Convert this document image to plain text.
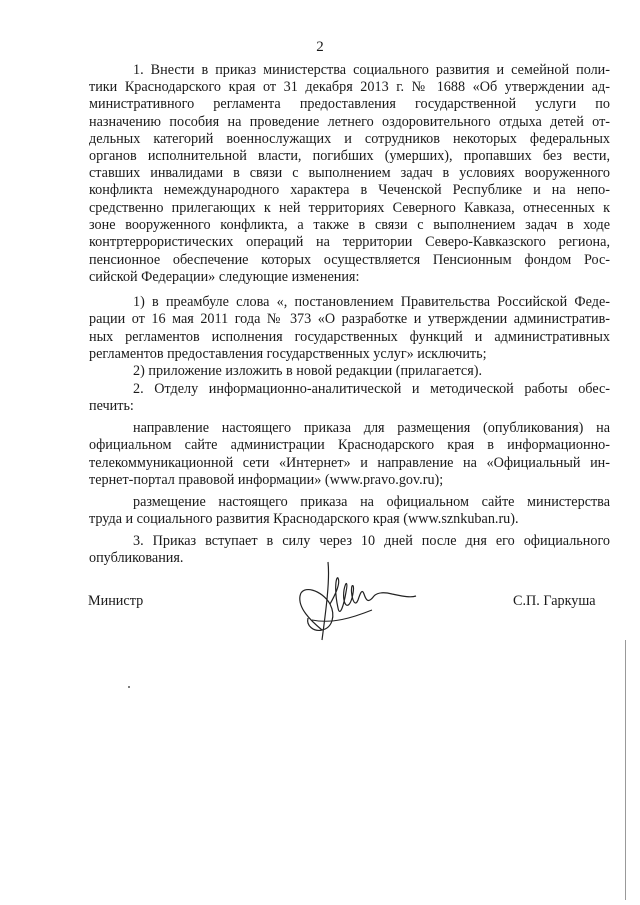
2
1. Внести в приказ министерства социального развития и семейной поли-
тики Краснодарского края от 31 декабря 2013 г. № 1688 «Об утверждении ад-
министративного регламента предоставления государственной услуги по
назначению пособия на проведение летнего оздоровительного отдыха детей от-
дельных категорий военнослужащих и сотрудников некоторых федеральных
органов исполнительной власти, погибших (умерших), пропавших без вести,
ставших инвалидами в связи с выполнением задач в условиях вооруженного
конфликта немеждународного характера в Чеченской Республике и на непо-
средственно прилегающих к ней территориях Северного Кавказа, отнесенных к
зоне вооруженного конфликта, а также в связи с выполнением задач в ходе
контртеррористических операций на территории Северо-Кавказского региона,
пенсионное обеспечение которых осуществляется Пенсионным фондом Рос-
сийской Федерации» следующие изменения:
1) в преамбуле слова «, постановлением Правительства Российской Феде-
рации от 16 мая 2011 года № 373 «О разработке и утверждении административ-
ных регламентов исполнения государственных функций и административных
регламентов предоставления государственных услуг» исключить;
2) приложение изложить в новой редакции (прилагается).
2. Отделу информационно-аналитической и методической работы обес-
печить:
направление настоящего приказа для размещения (опубликования) на
официальном сайте администрации Краснодарского края в информационно-
телекоммуникационной сети «Интернет» и направление на «Официальный ин-
тернет-портал правовой информации» (www.pravo.gov.ru);
размещение настоящего приказа на официальном сайте министерства
труда и социального развития Краснодарского края (www.sznkuban.ru).
3. Приказ вступает в силу через 10 дней после дня его официального
опубликования.
Министр	С.П. Гаркуша
